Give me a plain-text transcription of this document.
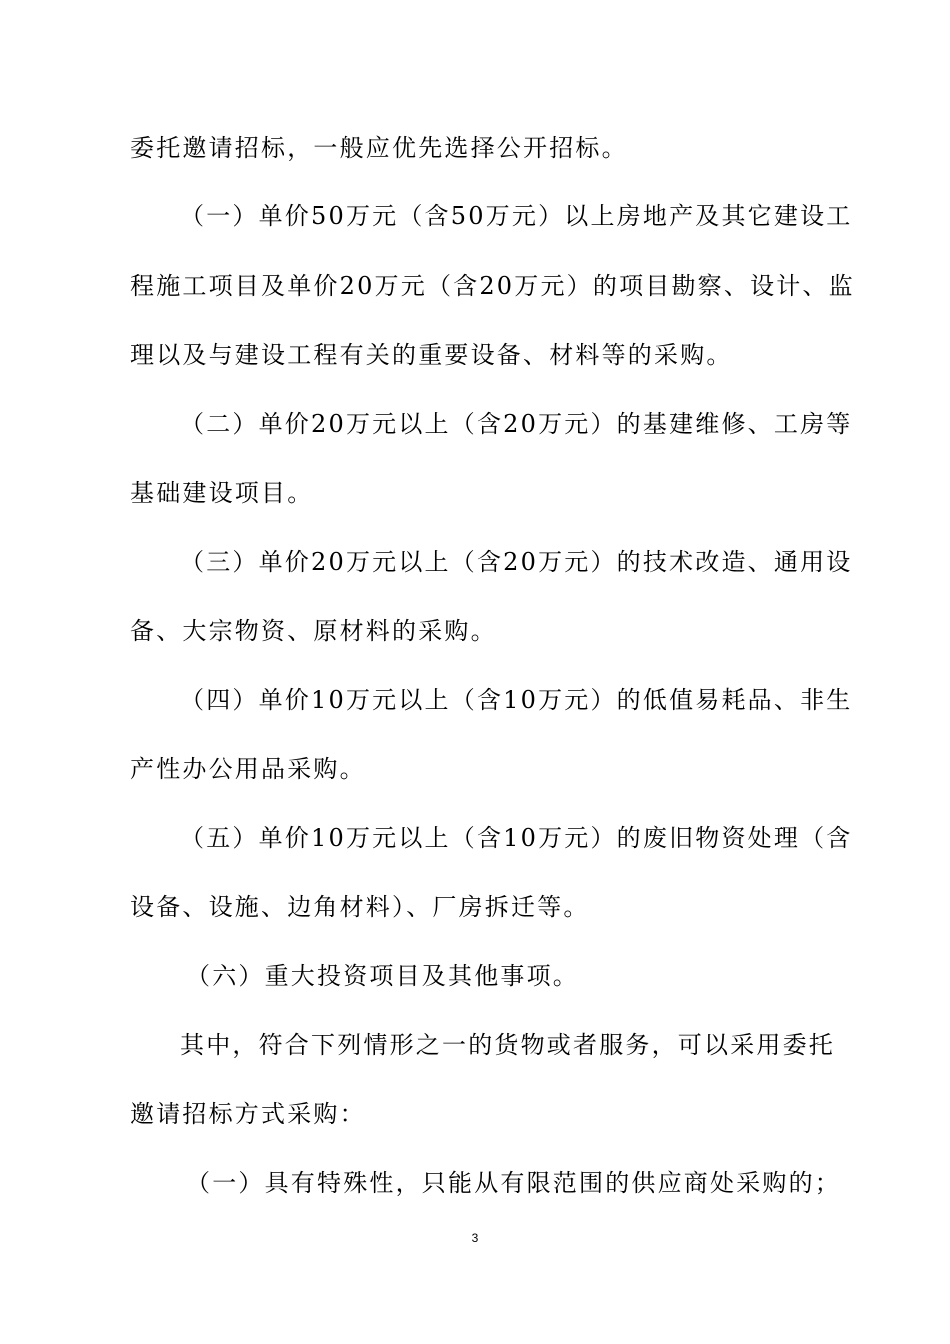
委托邀请招标，一般应优先选择公开招标。
（一）单价50万元（含50万元）以上房地产及其它建设工
程施工项目及单价20万元（含20万元）的项目勘察、设计、监
理以及与建设工程有关的重要设备、材料等的采购。
（二）单价20万元以上（含20万元）的基建维修、工房等
基础建设项目。
（三）单价20万元以上（含20万元）的技术改造、通用设
备、大宗物资、原材料的采购。
（四）单价10万元以上（含10万元）的低值易耗品、非生
产性办公用品采购。
（五）单价10万元以上（含10万元）的废旧物资处理（含
设备、设施、边角材料）、厂房拆迁等。
（六）重大投资项目及其他事项。
其中，符合下列情形之一的货物或者服务，可以采用委托
邀请招标方式采购：
（一）具有特殊性，只能从有限范围的供应商处采购的；
3
